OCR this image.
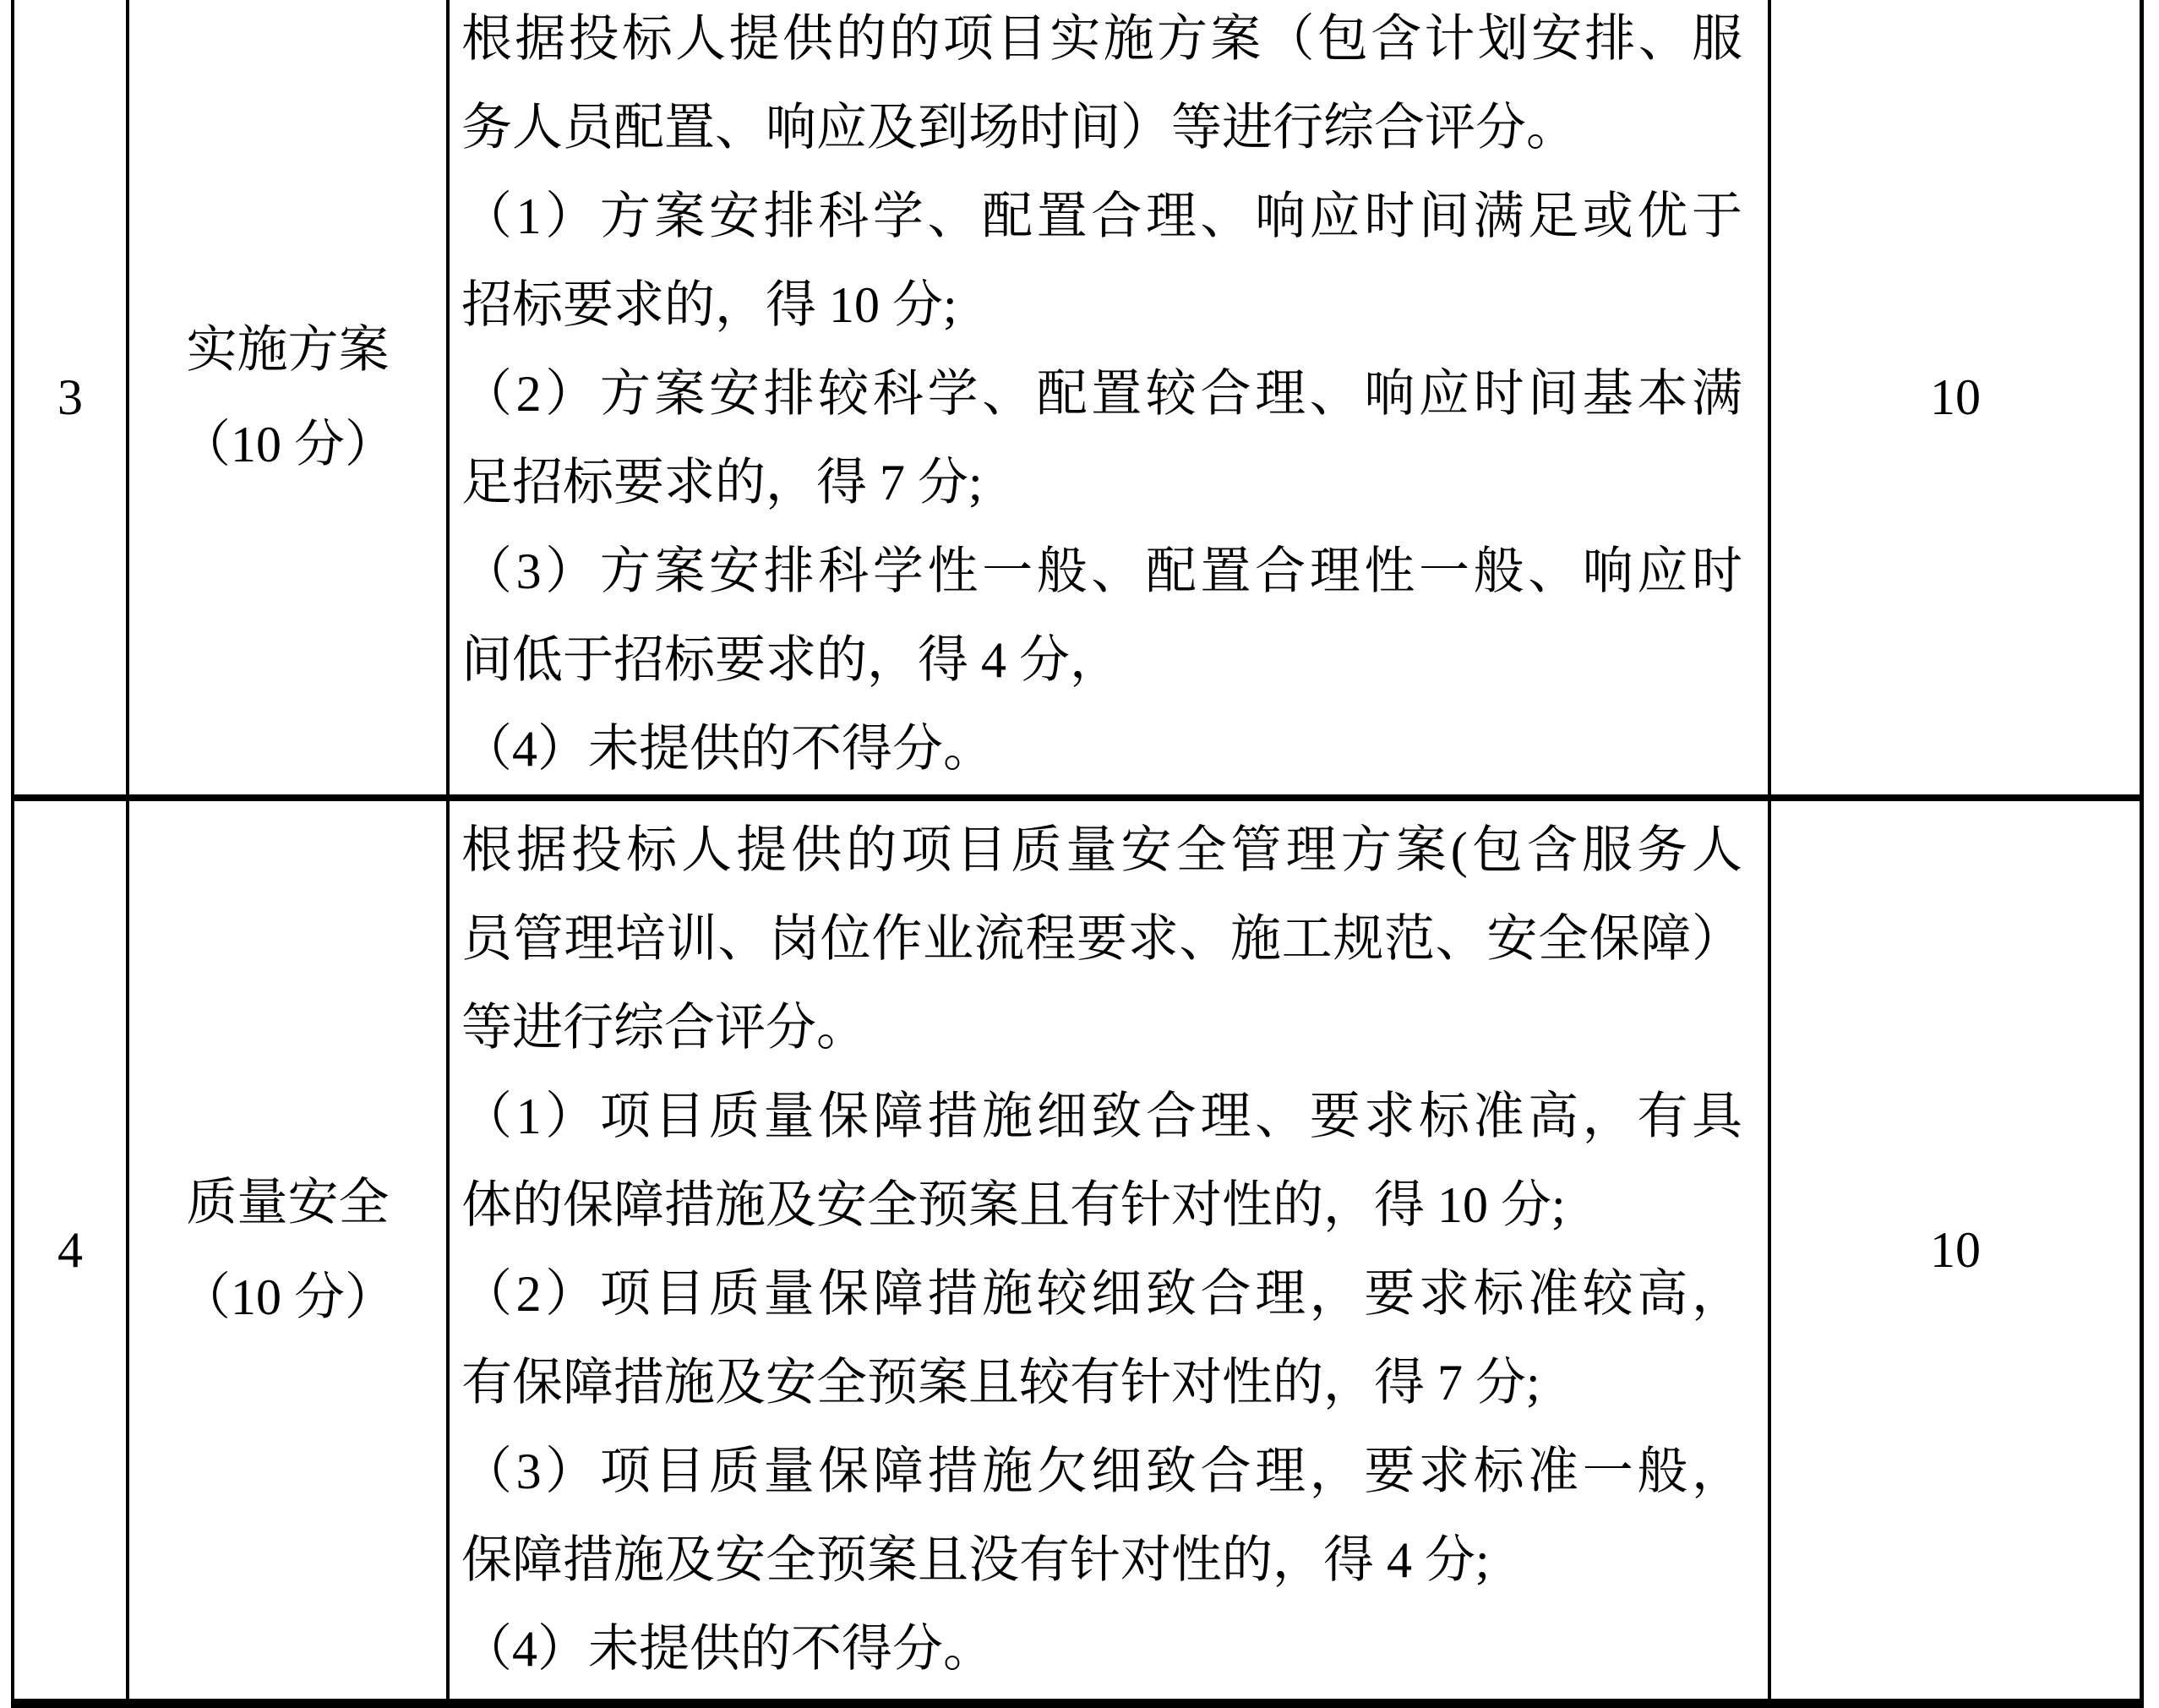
3
实施方案
（10 分）
根据投标人提供的的项目实施方案（包含计划安排、服
务人员配置、响应及到场时间）等进行综合评分。
（1）方案安排科学、配置合理、响应时间满足或优于
招标要求的，得 10 分;
（2）方案安排较科学、配置较合理、响应时间基本满
足招标要求的，得 7 分;
（3）方案安排科学性一般、配置合理性一般、响应时
间低于招标要求的，得 4 分，
（4）未提供的不得分。
10
4
质量安全
（10 分）
根据投标人提供的项目质量安全管理方案(包含服务人
员管理培训、岗位作业流程要求、施工规范、安全保障）
等进行综合评分。
（1）项目质量保障措施细致合理、要求标准高，有具
体的保障措施及安全预案且有针对性的，得 10 分;
（2）项目质量保障措施较细致合理，要求标准较高，
有保障措施及安全预案且较有针对性的，得 7 分;
（3）项目质量保障措施欠细致合理，要求标准一般，
保障措施及安全预案且没有针对性的，得 4 分;
（4）未提供的不得分。
10
